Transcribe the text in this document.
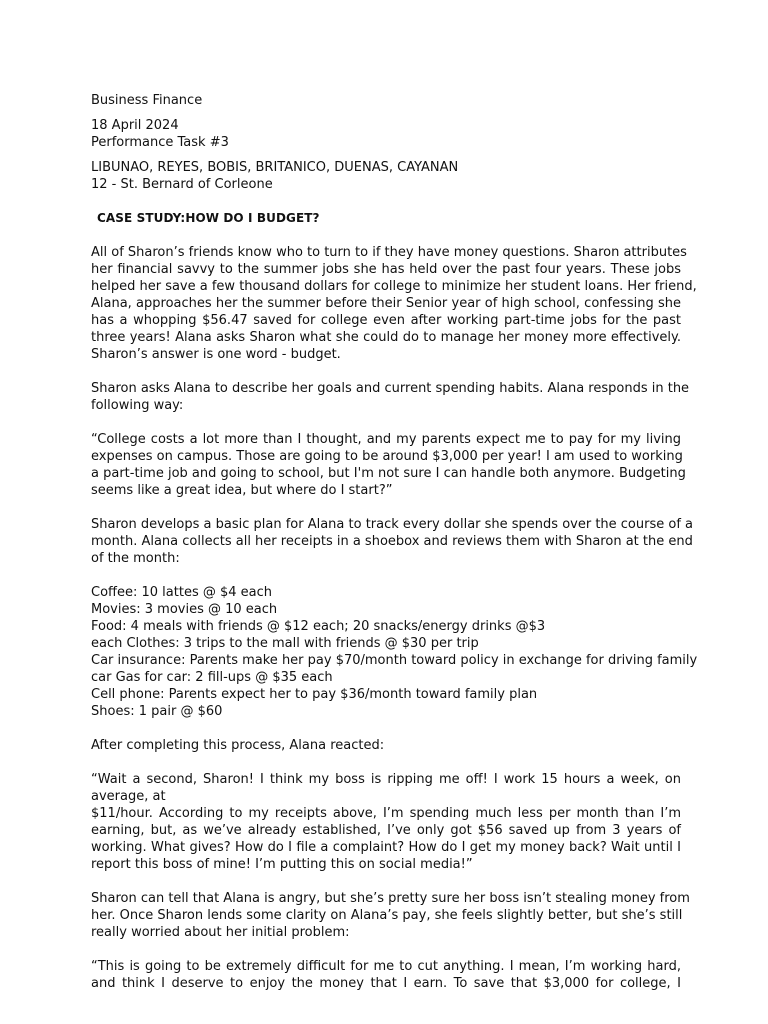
Business Finance
18 April 2024
Performance Task #3
LIBUNAO, REYES, BOBIS, BRITANICO, DUENAS, CAYANAN
12 - St. Bernard of Corleone
CASE STUDY:HOW DO I BUDGET?
All of Sharon’s friends know who to turn to if they have money questions. Sharon attributes
her financial savvy to the summer jobs she has held over the past four years. These jobs
helped her save a few thousand dollars for college to minimize her student loans. Her friend,
Alana, approaches her the summer before their Senior year of high school, confessing she
has a whopping $56.47 saved for college even after working part-time jobs for the past
three years! Alana asks Sharon what she could do to manage her money more effectively.
Sharon’s answer is one word - budget.
Sharon asks Alana to describe her goals and current spending habits. Alana responds in the
following way:
“College costs a lot more than I thought, and my parents expect me to pay for my living
expenses on campus. Those are going to be around $3,000 per year! I am used to working
a part-time job and going to school, but I'm not sure I can handle both anymore. Budgeting
seems like a great idea, but where do I start?”
Sharon develops a basic plan for Alana to track every dollar she spends over the course of a
month. Alana collects all her receipts in a shoebox and reviews them with Sharon at the end
of the month:
Coffee: 10 lattes @ $4 each
Movies: 3 movies @ 10 each
Food: 4 meals with friends @ $12 each; 20 snacks/energy drinks @$3
each Clothes: 3 trips to the mall with friends @ $30 per trip
Car insurance: Parents make her pay $70/month toward policy in exchange for driving family
car Gas for car: 2 fill-ups @ $35 each
Cell phone: Parents expect her to pay $36/month toward family plan
Shoes: 1 pair @ $60
After completing this process, Alana reacted:
“Wait a second, Sharon! I think my boss is ripping me off! I work 15 hours a week, on
average, at
$11/hour. According to my receipts above, I’m spending much less per month than I’m
earning, but, as we’ve already established, I’ve only got $56 saved up from 3 years of
working. What gives? How do I file a complaint? How do I get my money back? Wait until I
report this boss of mine! I’m putting this on social media!”
Sharon can tell that Alana is angry, but she’s pretty sure her boss isn’t stealing money from
her. Once Sharon lends some clarity on Alana’s pay, she feels slightly better, but she’s still
really worried about her initial problem:
“This is going to be extremely difficult for me to cut anything. I mean, I’m working hard,
and think I deserve to enjoy the money that I earn. To save that $3,000 for college, I
